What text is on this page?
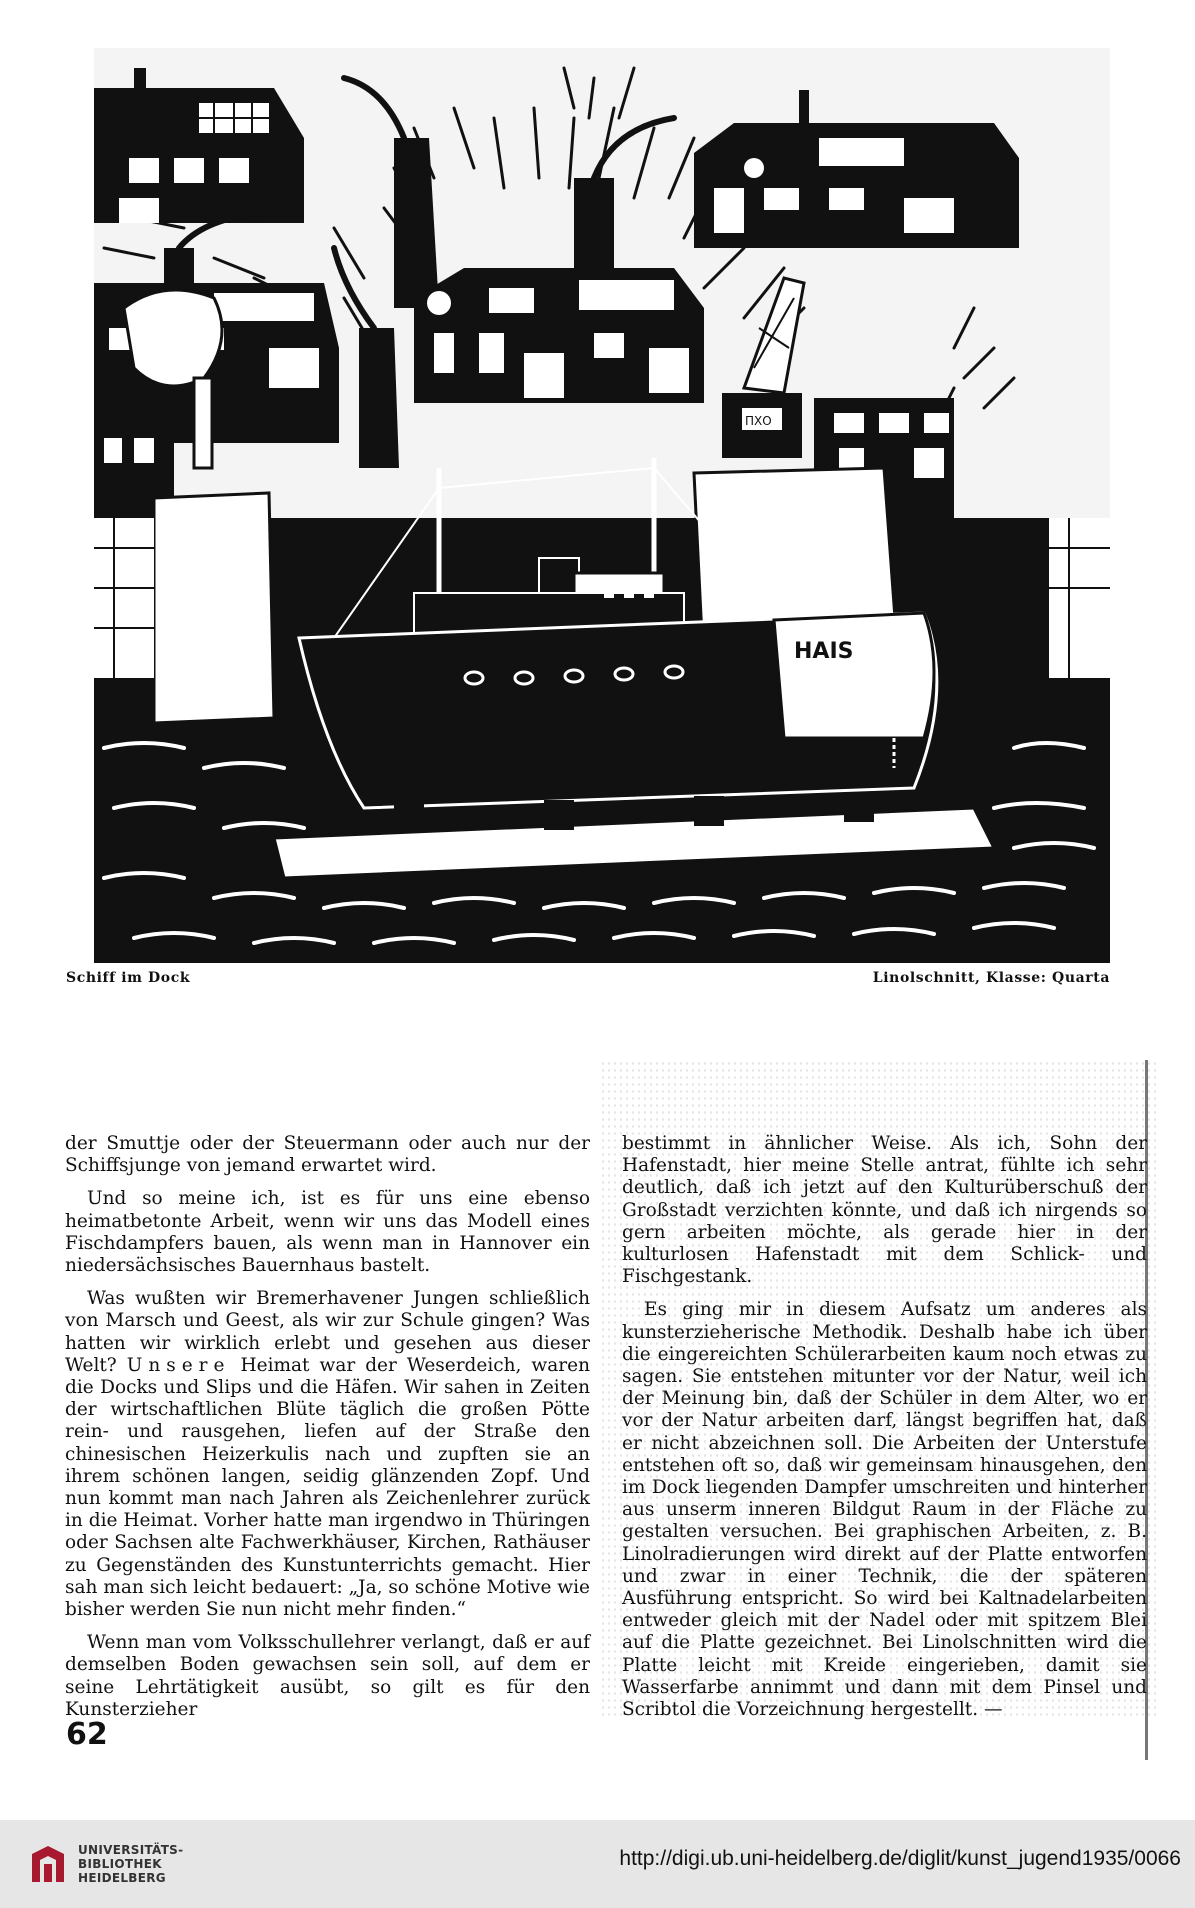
ΠΧΟ
HAIS
Schiff im Dock	Linolschnitt, Klasse: Quarta

der Smuttje oder der Steuermann oder auch nur der Schiffsjunge von jemand erwartet wird.

Und so meine ich, ist es für uns eine ebenso heimatbetonte Arbeit, wenn wir uns das Modell eines Fischdampfers bauen, als wenn man in Hannover ein niedersächsisches Bauernhaus bastelt.

Was wußten wir Bremerhavener Jungen schließlich von Marsch und Geest, als wir zur Schule gingen? Was hatten wir wirklich erlebt und gesehen aus dieser Welt? Unsere Heimat war der Weserdeich, waren die Docks und Slips und die Häfen. Wir sahen in Zeiten der wirtschaftlichen Blüte täglich die großen Pötte rein- und rausgehen, liefen auf der Straße den chinesischen Heizerkulis nach und zupften sie an ihrem schönen langen, seidig glänzenden Zopf. Und nun kommt man nach Jahren als Zeichenlehrer zurück in die Heimat. Vorher hatte man irgendwo in Thüringen oder Sachsen alte Fachwerkhäuser, Kirchen, Rathäuser zu Gegenständen des Kunstunterrichts gemacht. Hier sah man sich leicht bedauert: „Ja, so schöne Motive wie bisher werden Sie nun nicht mehr finden.“

Wenn man vom Volksschullehrer verlangt, daß er auf demselben Boden gewachsen sein soll, auf dem er seine Lehrtätigkeit ausübt, so gilt es für den Kunsterzieher

bestimmt in ähnlicher Weise. Als ich, Sohn der Hafenstadt, hier meine Stelle antrat, fühlte ich sehr deutlich, daß ich jetzt auf den Kulturüberschuß der Großstadt verzichten könnte, und daß ich nirgends so gern arbeiten möchte, als gerade hier in der kulturlosen Hafenstadt mit dem Schlick- und Fischgestank.

Es ging mir in diesem Aufsatz um anderes als kunsterzieherische Methodik. Deshalb habe ich über die eingereichten Schülerarbeiten kaum noch etwas zu sagen. Sie entstehen mitunter vor der Natur, weil ich der Meinung bin, daß der Schüler in dem Alter, wo er vor der Natur arbeiten darf, längst begriffen hat, daß er nicht abzeichnen soll. Die Arbeiten der Unterstufe entstehen oft so, daß wir gemeinsam hinausgehen, den im Dock liegenden Dampfer umschreiten und hinterher aus unserm inneren Bildgut Raum in der Fläche zu gestalten versuchen. Bei graphischen Arbeiten, z. B. Linolradierungen wird direkt auf der Platte entworfen und zwar in einer Technik, die der späteren Ausführung entspricht. So wird bei Kaltnadelarbeiten entweder gleich mit der Nadel oder mit spitzem Blei auf die Platte gezeichnet. Bei Linolschnitten wird die Platte leicht mit Kreide eingerieben, damit sie Wasserfarbe annimmt und dann mit dem Pinsel und Scribtol die Vorzeichnung hergestellt. —

62
UNIVERSITÄTS-
BIBLIOTHEK
HEIDELBERG
http://digi.ub.uni-heidelberg.de/diglit/kunst_jugend1935/0066
